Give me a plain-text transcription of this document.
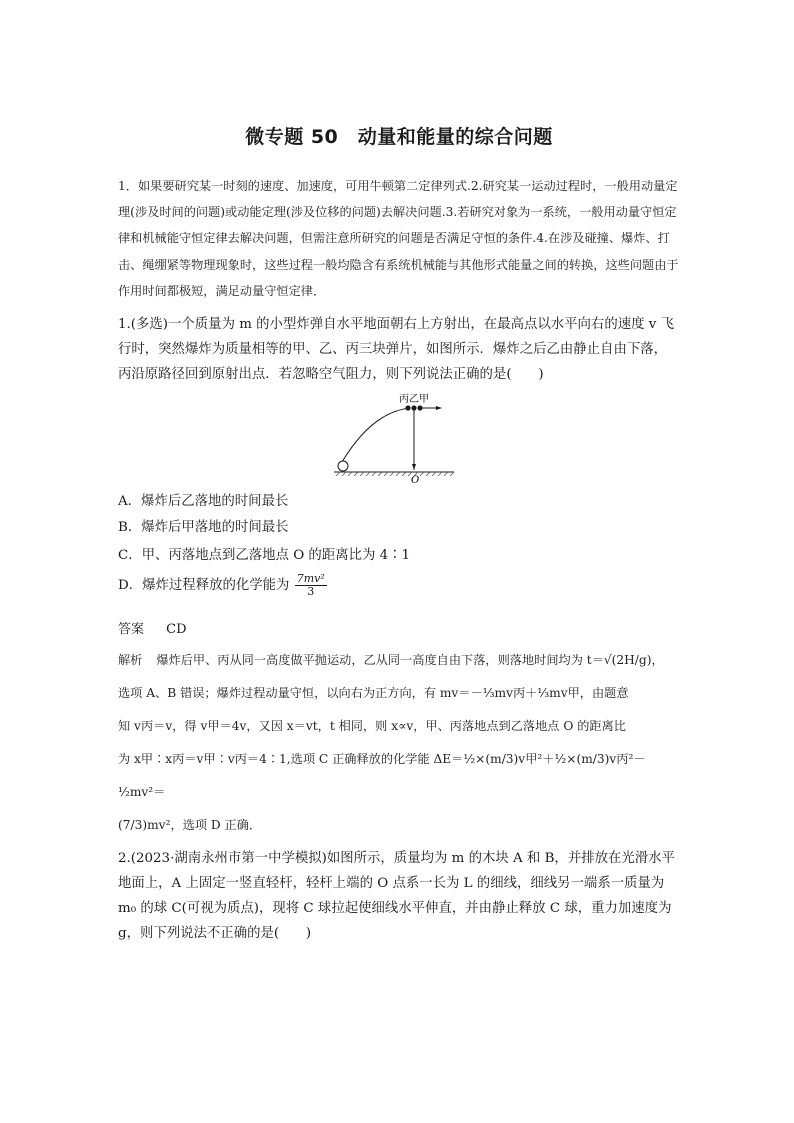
微专题 50　动量和能量的综合问题
1．如果要研究某一时刻的速度、加速度，可用牛顿第二定律列式.2.研究某一运动过程时，一般用动量定理(涉及时间的问题)或动能定理(涉及位移的问题)去解决问题.3.若研究对象为一系统，一般用动量守恒定律和机械能守恒定律去解决问题，但需注意所研究的问题是否满足守恒的条件.4.在涉及碰撞、爆炸、打击、绳绷紧等物理现象时，这些过程一般均隐含有系统机械能与其他形式能量之间的转换，这些问题由于作用时间都极短，满足动量守恒定律．
1.(多选)一个质量为 m 的小型炸弹自水平地面朝右上方射出，在最高点以水平向右的速度 v 飞行时，突然爆炸为质量相等的甲、乙、丙三块弹片，如图所示．爆炸之后乙由静止自由下落，丙沿原路径回到原射出点．若忽略空气阻力，则下列说法正确的是(　　)
丙乙甲
O
A．爆炸后乙落地的时间最长
B．爆炸后甲落地的时间最长
C．甲、丙落地点到乙落地点 O 的距离比为 4∶1
D．爆炸过程释放的化学能为 $\frac{\text{7mv²}}{3}$
答案 CD
解析 爆炸后甲、丙从同一高度做平抛运动，乙从同一高度自由下落，则落地时间均为 t＝√(2H/g)，
选项 A、B 错误；爆炸过程动量守恒，以向右为正方向，有 mv＝－⅓mv丙＋⅓mv甲，由题意
知 v丙＝v，得 v甲＝4v，又因 x＝vt，t 相同，则 x∝v，甲、丙落地点到乙落地点 O 的距离比
为 x甲∶x丙＝v甲∶v丙＝4∶1,选项 C 正确释放的化学能 ΔE＝½×(m/3)v甲²＋½×(m/3)v丙²－½mv²＝
(7/3)mv²，选项 D 正确．
2.(2023·湖南永州市第一中学模拟)如图所示，质量均为 m 的木块 A 和 B，并排放在光滑水平地面上，A 上固定一竖直轻杆，轻杆上端的 O 点系一长为 L 的细线，细线另一端系一质量为 m₀ 的球 C(可视为质点)，现将 C 球拉起使细线水平伸直，并由静止释放 C 球，重力加速度为 g，则下列说法不正确的是(　　)
